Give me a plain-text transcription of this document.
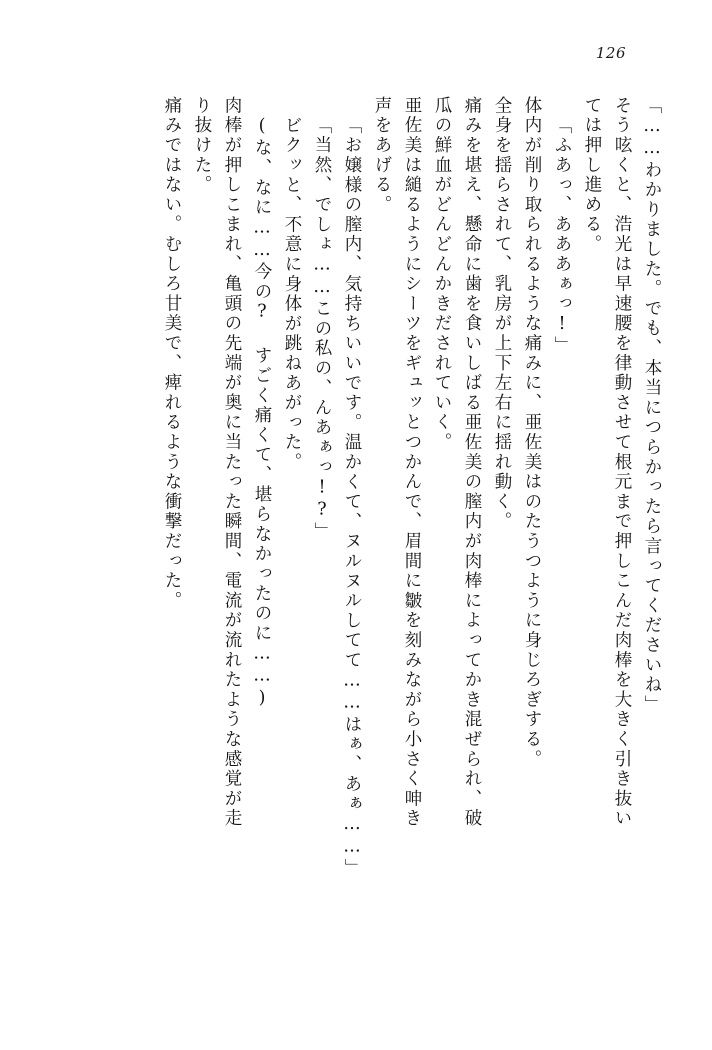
126
「……わかりました。でも、本当につらかったら言ってくださいね」
そう呟くと、浩光は早速腰を律動させて根元まで押しこんだ肉棒を大きく引き抜い
ては押し進める。
「ふあっ、あああぁっ!」
体内が削り取られるような痛みに、亜佐美はのたうつように身じろぎする。
全身を揺らされて、乳房が上下左右に揺れ動く。
痛みを堪え、懸命に歯を食いしばる亜佐美の膣内が肉棒によってかき混ぜられ、破
瓜の鮮血がどんどんかきだされていく。
亜佐美は縋るようにシーツをギュッとつかんで、眉間に皺を刻みながら小さく呻き
声をあげる。
「お嬢様の膣内、気持ちいいです。温かくて、ヌルヌルしてて……はぁ、あぁ……」
「当然、でしょ……この私の、んあぁっ!?」
ビクッと、不意に身体が跳ねあがった。
(な、なに……今の? すごく痛くて、堪らなかったのに……)
肉棒が押しこまれ、亀頭の先端が奥に当たった瞬間、電流が流れたような感覚が走
り抜けた。
痛みではない。むしろ甘美で、痺れるような衝撃だった。
